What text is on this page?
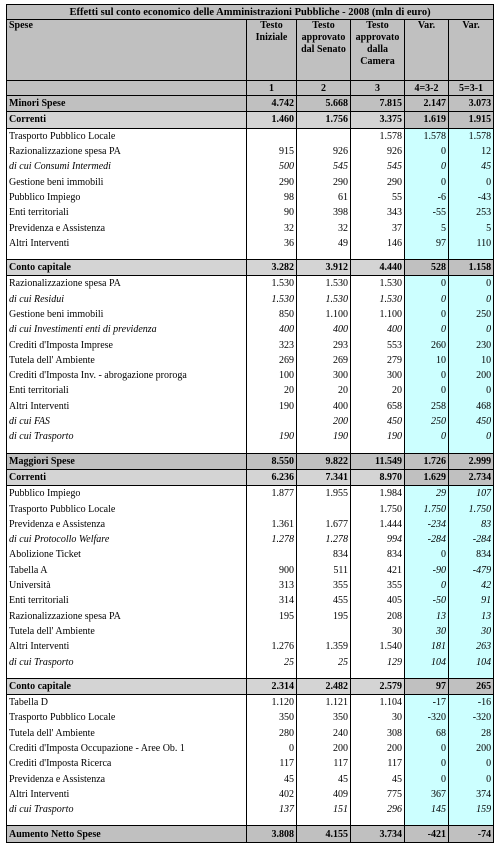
Effetti sul conto economico delle Amministrazioni Pubbliche - 2008 (mln di euro)					
Spese	Testo Iniziale	Testo approvato dal Senato	Testo approvato dalla Camera	Var.	Var.
	1	2	3	4=3-2	5=3-1
Minori Spese	4.742	5.668	7.815	2.147	3.073
Correnti	1.460	1.756	3.375	1.619	1.915
Trasporto Pubblico Locale			1.578	1.578	1.578
Razionalizzazione spesa PA	915	926	926	0	12
di cui Consumi Intermedi	500	545	545	0	45
Gestione beni immobili	290	290	290	0	0
Pubblico Impiego	98	61	55	-6	-43
Enti territoriali	90	398	343	-55	253
Previdenza e Assistenza	32	32	37	5	5
Altri Interventi	36	49	146	97	110

Conto capitale	3.282	3.912	4.440	528	1.158
Razionalizzazione spesa PA	1.530	1.530	1.530	0	0
di cui Residui	1.530	1.530	1.530	0	0
Gestione beni immobili	850	1.100	1.100	0	250
di cui Investimenti enti di previdenza	400	400	400	0	0
Crediti d'Imposta Imprese	323	293	553	260	230
Tutela dell' Ambiente	269	269	279	10	10
Crediti d'Imposta Inv. - abrogazione proroga	100	300	300	0	200
Enti territoriali	20	20	20	0	0
Altri Interventi	190	400	658	258	468
di cui FAS		200	450	250	450
di cui Trasporto	190	190	190	0	0

Maggiori Spese	8.550	9.822	11.549	1.726	2.999
Correnti	6.236	7.341	8.970	1.629	2.734
Pubblico Impiego	1.877	1.955	1.984	29	107
Trasporto Pubblico Locale			1.750	1.750	1.750
Previdenza e Assistenza	1.361	1.677	1.444	-234	83
di cui Protocollo Welfare	1.278	1.278	994	-284	-284
Abolizione Ticket		834	834	0	834
Tabella A	900	511	421	-90	-479
Università	313	355	355	0	42
Enti territoriali	314	455	405	-50	91
Razionalizzazione spesa PA	195	195	208	13	13
Tutela dell' Ambiente			30	30	30
Altri Interventi	1.276	1.359	1.540	181	263
di cui Trasporto	25	25	129	104	104

Conto capitale	2.314	2.482	2.579	97	265
Tabella D	1.120	1.121	1.104	-17	-16
Trasporto Pubblico Locale	350	350	30	-320	-320
Tutela dell' Ambiente	280	240	308	68	28
Crediti d'Imposta Occupazione - Aree Ob. 1	0	200	200	0	200
Crediti d'Imposta Ricerca	117	117	117	0	0
Previdenza e Assistenza	45	45	45	0	0
Altri Interventi	402	409	775	367	374
di cui Trasporto	137	151	296	145	159

Aumento Netto Spese	3.808	4.155	3.734	-421	-74
